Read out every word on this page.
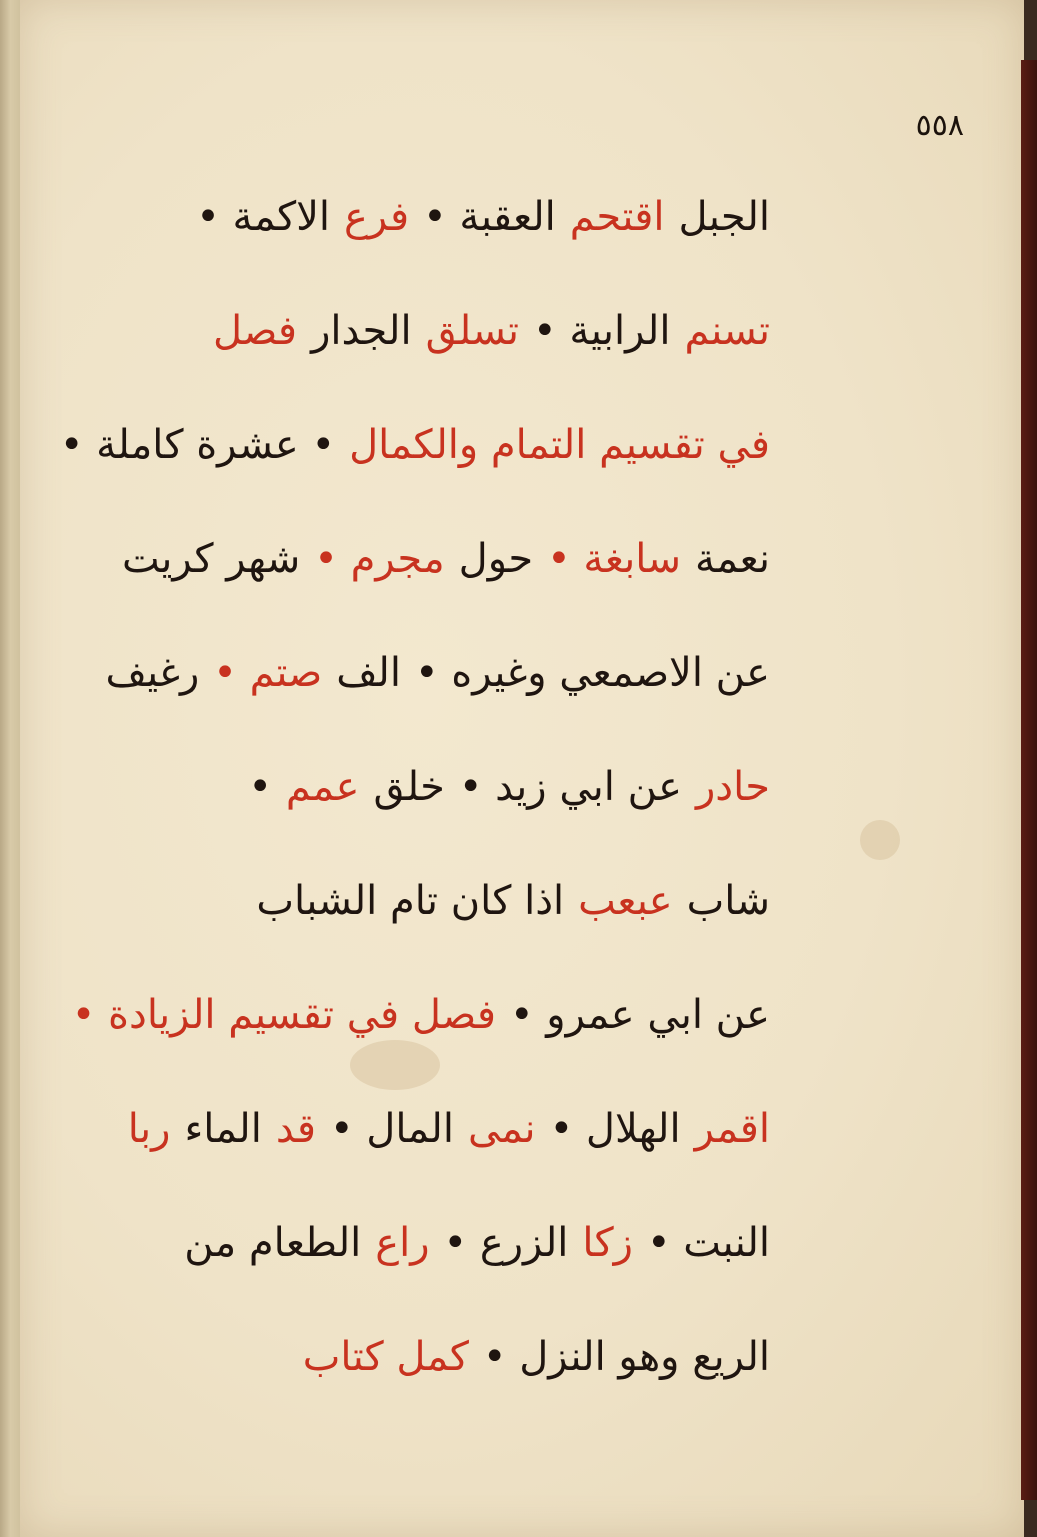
٥٥٨
الجبل
اقتحم
العقبة •
فرع
الاكمة •
تسنم
الرابية •
تسلق
الجدار
فصل
في تقسيم التمام والكمال
• عشرة كاملة •
نعمة
سابغة •
حول
مجرم •
شهر كريت
عن الاصمعي وغيره •
الف
صتم •
رغيف
حادر
عن ابي زيد •
خلق
عمم
•
شاب
عبعب
اذا كان تام الشباب
عن ابي عمرو •
فصل في تقسيم الزيادة •
اقمر
الهلال •
نمى
المال •
قد
الماء
ربا
النبت •
زكا
الزرع •
راع
الطعام من
الريع وهو النزل •
كمل كتاب
